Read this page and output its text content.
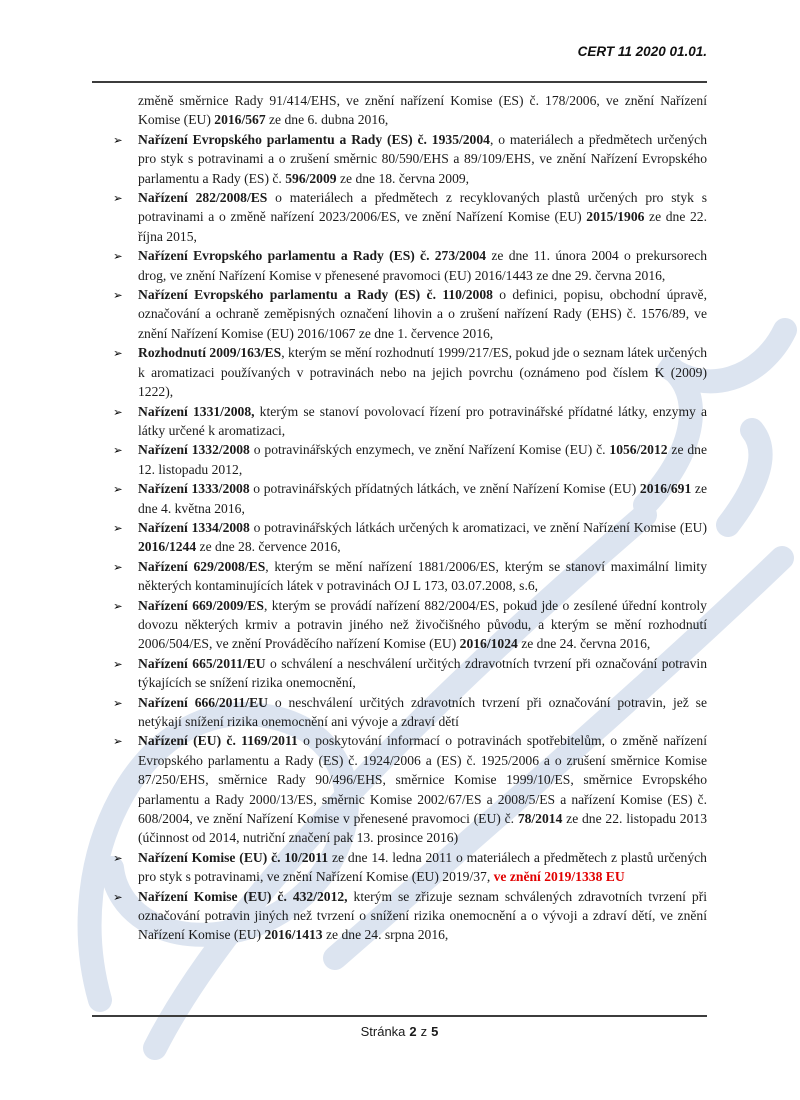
CERT 11 2020 01.01.
změně směrnice Rady 91/414/EHS, ve znění nařízení Komise (ES) č. 178/2006, ve znění Nařízení Komise (EU) 2016/567 ze dne 6. dubna 2016,
➢ Nařízení Evropského parlamentu a Rady (ES) č. 1935/2004, o materiálech a předmětech určených pro styk s potravinami a o zrušení směrnic 80/590/EHS a 89/109/EHS, ve znění Nařízení Evropského parlamentu a Rady (ES) č. 596/2009 ze dne 18. června 2009,
➢ Nařízení 282/2008/ES o materiálech a předmětech z recyklovaných plastů určených pro styk s potravinami a o změně nařízení 2023/2006/ES, ve znění Nařízení Komise (EU) 2015/1906 ze dne 22. října 2015,
➢ Nařízení Evropského parlamentu a Rady (ES) č. 273/2004 ze dne 11. února 2004 o prekursorech drog, ve znění Nařízení Komise v přenesené pravomoci (EU) 2016/1443 ze dne 29. června 2016,
➢ Nařízení Evropského parlamentu a Rady (ES) č. 110/2008 o definici, popisu, obchodní úpravě, označování a ochraně zeměpisných označení lihovin a o zrušení nařízení Rady (EHS) č. 1576/89, ve znění Nařízení Komise (EU) 2016/1067 ze dne 1. července 2016,
➢ Rozhodnutí 2009/163/ES, kterým se mění rozhodnutí 1999/217/ES, pokud jde o seznam látek určených k aromatizaci používaných v potravinách nebo na jejich povrchu (oznámeno pod číslem K (2009) 1222),
➢ Nařízení 1331/2008, kterým se stanoví povolovací řízení pro potravinářské přídatné látky, enzymy a látky určené k aromatizaci,
➢ Nařízení 1332/2008 o potravinářských enzymech, ve znění Nařízení Komise (EU) č. 1056/2012 ze dne 12. listopadu 2012,
➢ Nařízení 1333/2008 o potravinářských přídatných látkách, ve znění Nařízení Komise (EU) 2016/691 ze dne 4. května 2016,
➢ Nařízení 1334/2008 o potravinářských látkách určených k aromatizaci, ve znění Nařízení Komise (EU) 2016/1244 ze dne 28. července 2016,
➢ Nařízení 629/2008/ES, kterým se mění nařízení 1881/2006/ES, kterým se stanoví maximální limity některých kontaminujících látek v potravinách OJ L 173, 03.07.2008, s.6,
➢ Nařízení 669/2009/ES, kterým se provádí nařízení 882/2004/ES, pokud jde o zesílené úřední kontroly dovozu některých krmiv a potravin jiného než živočišného původu, a kterým se mění rozhodnutí 2006/504/ES, ve znění Prováděcího nařízení Komise (EU) 2016/1024 ze dne 24. června 2016,
➢ Nařízení 665/2011/EU o schválení a neschválení určitých zdravotních tvrzení při označování potravin týkajících se snížení rizika onemocnění,
➢ Nařízení 666/2011/EU o neschválení určitých zdravotních tvrzení při označování potravin, jež se netýkají snížení rizika onemocnění ani vývoje a zdraví dětí
➢ Nařízení (EU) č. 1169/2011 o poskytování informací o potravinách spotřebitelům, o změně nařízení Evropského parlamentu a Rady (ES) č. 1924/2006 a (ES) č. 1925/2006 a o zrušení směrnice Komise 87/250/EHS, směrnice Rady 90/496/EHS, směrnice Komise 1999/10/ES, směrnice Evropského parlamentu a Rady 2000/13/ES, směrnic Komise 2002/67/ES a 2008/5/ES a nařízení Komise (ES) č. 608/2004, ve znění Nařízení Komise v přenesené pravomoci (EU) č. 78/2014 ze dne 22. listopadu 2013 (účinnost od 2014, nutriční značení pak 13. prosince 2016)
➢ Nařízení Komise (EU) č. 10/2011 ze dne 14. ledna 2011 o materiálech a předmětech z plastů určených pro styk s potravinami, ve znění Nařízení Komise (EU) 2019/37, ve znění 2019/1338 EU
➢ Nařízení Komise (EU) č. 432/2012, kterým se zřizuje seznam schválených zdravotních tvrzení při označování potravin jiných než tvrzení o snížení rizika onemocnění a o vývoji a zdraví dětí, ve znění Nařízení Komise (EU) 2016/1413 ze dne 24. srpna 2016,
Stránka 2 z 5
